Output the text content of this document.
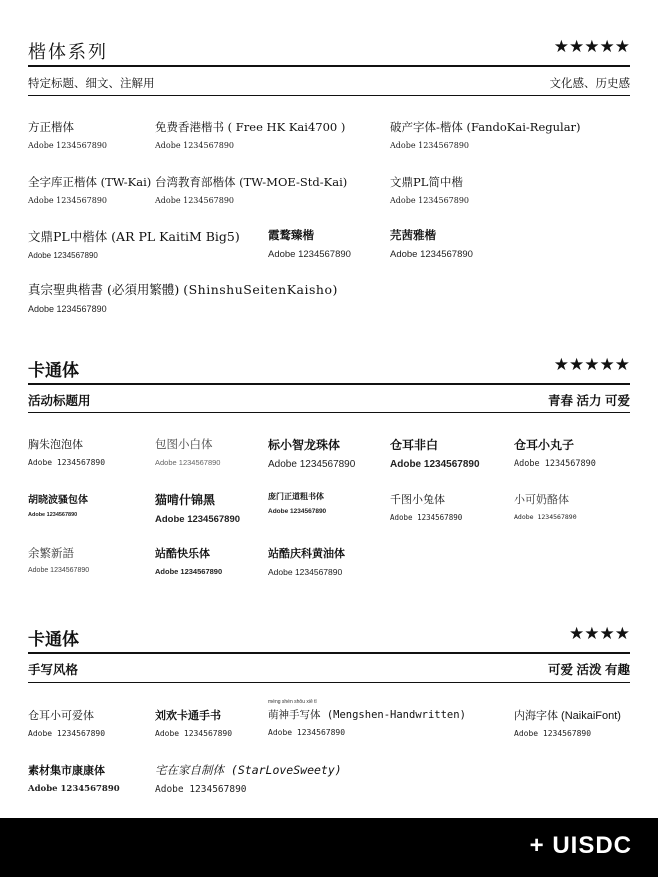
楷体系列	★★★★★
特定标题、细文、注解用	文化感、历史感
方正楷体
Adobe 1234567890
免费香港楷书 ( Free HK Kai4700 )
Adobe 1234567890
破产字体-楷体 (FandoKai-Regular)
Adobe 1234567890
全字库正楷体 (TW-Kai)
Adobe 1234567890
台湾教育部楷体 (TW-MOE-Std-Kai)
Adobe 1234567890
文鼎PL简中楷
Adobe 1234567890
文鼎PL中楷体 (AR PL KaitiM Big5)
Adobe 1234567890
霞鹜臻楷
Adobe 1234567890
芫茜雅楷
Adobe 1234567890
真宗聖典楷書 (必須用繁體) (ShinshuSeitenKaisho)
Adobe 1234567890
卡通体	★★★★★
活动标题用	青春 活力 可爱
胸朱泡泡体
Adobe 1234567890
包图小白体
Adobe 1234567890
标小智龙珠体
Adobe 1234567890
仓耳非白
Adobe 1234567890
仓耳小丸子
Adobe 1234567890
胡晓波骚包体
Adobe 1234567890
猫啃什锦黑
Adobe 1234567890
庞门正道粗书体
Adobe 1234567890
千图小兔体
Adobe 1234567890
小可奶酪体
Adobe 1234567890
余繁新語
Adobe 1234567890
站酷快乐体
Adobe 1234567890
站酷庆科黄油体
Adobe 1234567890
卡通体	★★★★
手写风格	可爱 活泼 有趣
仓耳小可爱体
Adobe 1234567890
刘欢卡通手书
Adobe 1234567890
méng shén shǒu xiě tǐ
萌神手写体 (Mengshen-Handwritten)
Adobe 1234567890
内海字体 (NaikaiFont)
Adobe 1234567890
素材集市康康体
Adobe 1234567890
宅在家自制体 (StarLoveSweety)
Adobe 1234567890
+ UISDC
